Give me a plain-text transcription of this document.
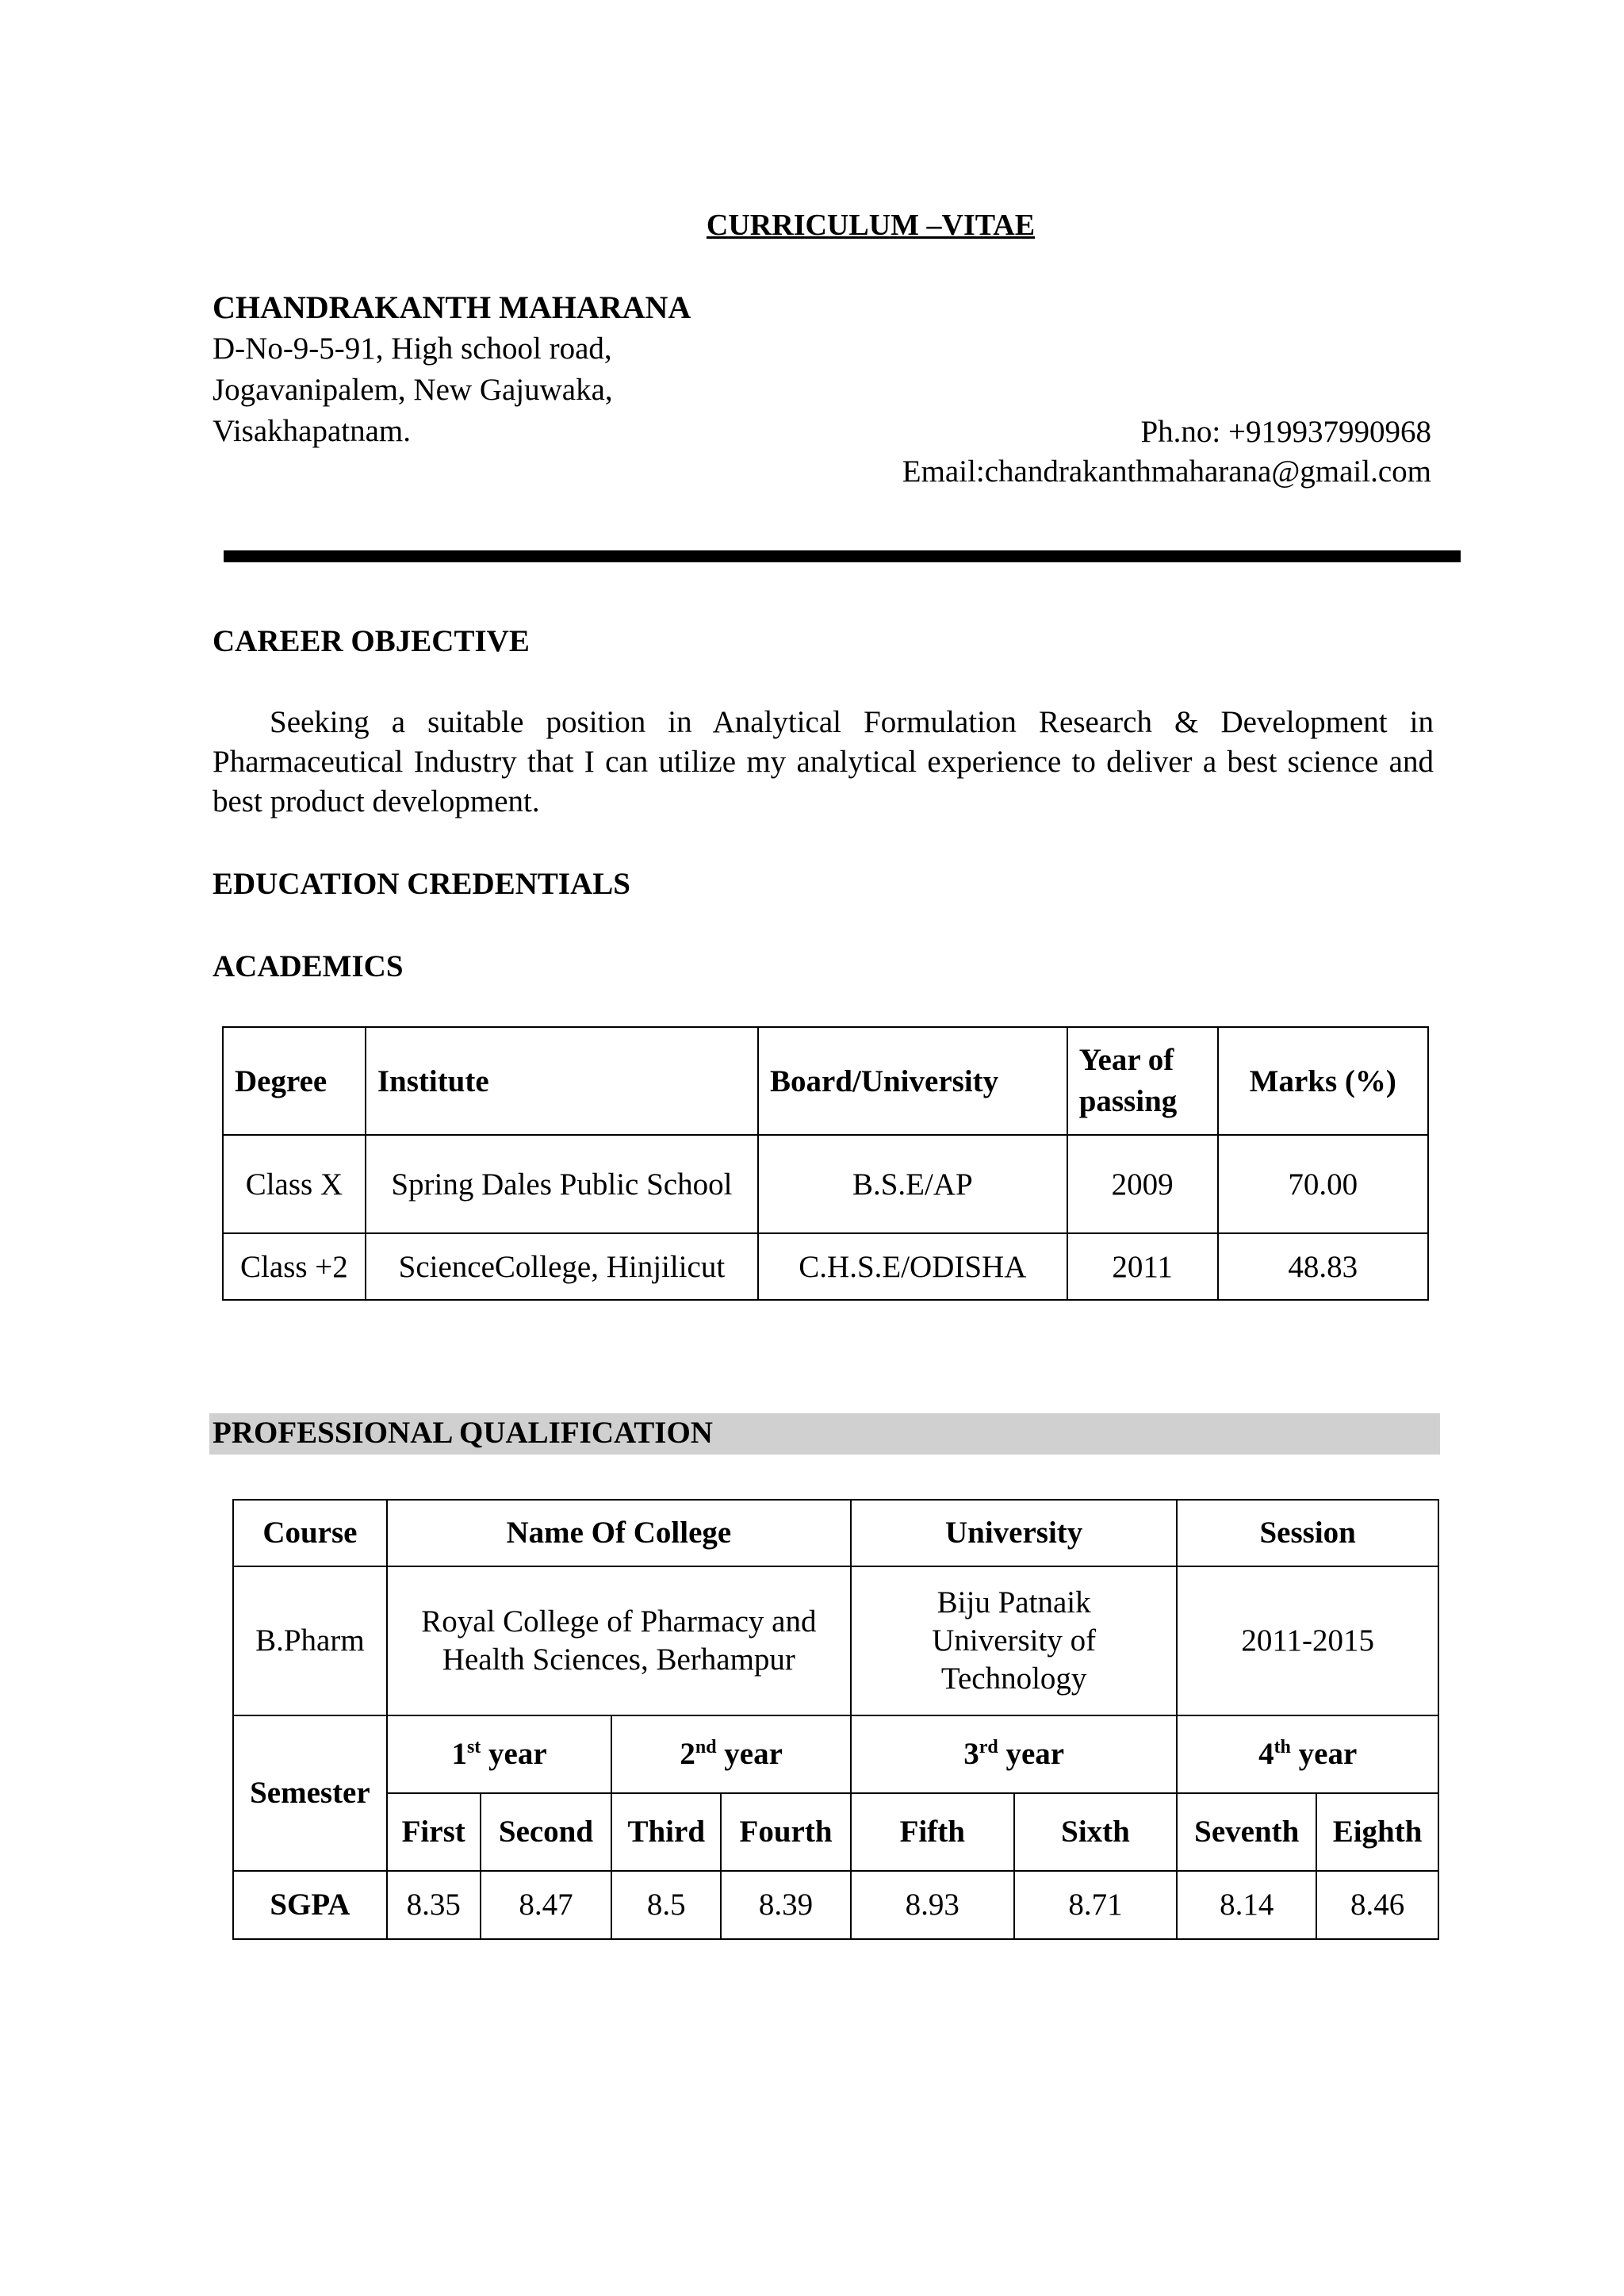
CURRICULUM –VITAE
CHANDRAKANTH MAHARANA
D-No-9-5-91, High school road,
Jogavanipalem, New Gajuwaka,
Visakhapatnam.	Ph.no: +919937990968
Email:chandrakanthmaharana@gmail.com
CAREER OBJECTIVE
Seeking a suitable position in Analytical Formulation Research & Development in Pharmaceutical Industry that I can utilize my analytical experience to deliver a best science and best product development.
EDUCATION CREDENTIALS
ACADEMICS
Degree	Institute	Board/University	Year of passing	Marks (%)
Class X	Spring Dales Public School	B.S.E/AP	2009	70.00
Class +2	ScienceCollege, Hinjilicut	C.H.S.E/ODISHA	2011	48.83
PROFESSIONAL QUALIFICATION
Course	Name Of College				University		Session	
B.Pharm	Royal College of Pharmacy and Health Sciences, Berhampur				Biju Patnaik University of Technology		2011-2015	
Semester	1st year		2nd year		3rd year		4th year	
	First	Second	Third	Fourth	Fifth	Sixth	Seventh	Eighth
SGPA	8.35	8.47	8.5	8.39	8.93	8.71	8.14	8.46
